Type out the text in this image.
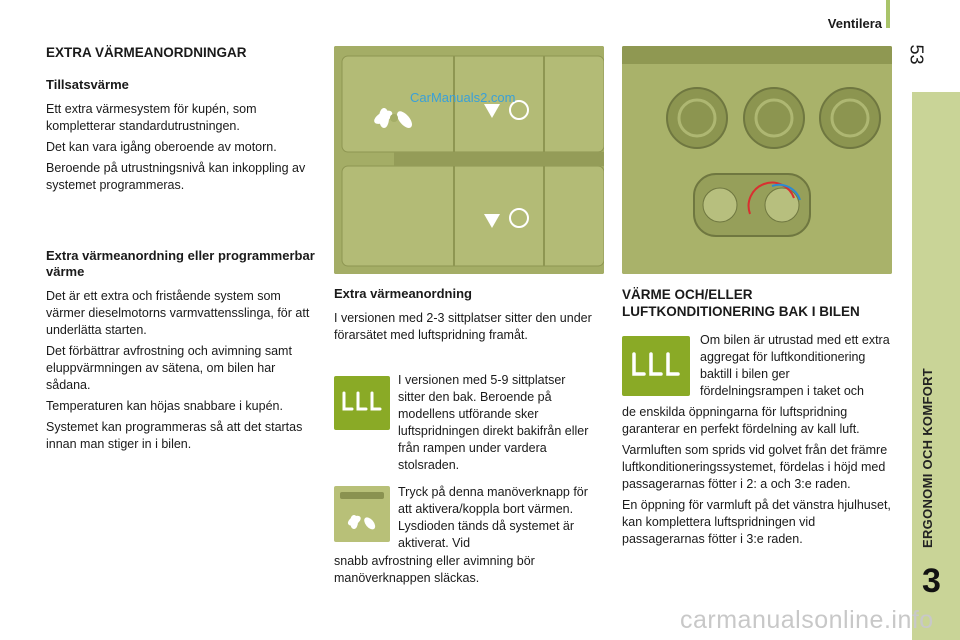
Ventilera
53
ERGONOMI OCH KOMFORT
3
EXTRA VÄRMEANORDNINGAR
Tillsatsvärme

Ett extra värmesystem för kupén, som kompletterar standardutrustningen.

Det kan vara igång oberoende av motorn.

Beroende på utrustningsnivå kan inkoppling av systemet programmeras.

Extra värmeanordning eller programmerbar värme

Det är ett extra och fristående system som värmer dieselmotorns varmvattensslinga, för att underlätta starten.

Det förbättrar avfrostning och avimning samt eluppvärmningen av sätena, om bilen har sådana.

Temperaturen kan höjas snabbare i kupén.

Systemet kan programmeras så att det startas innan man stiger in i bilen.

CarManuals2.com
Extra värmeanordning

I versionen med 2-3 sittplatser sitter den under förarsätet med luftspridning framåt.

I versionen med 5-9 sittplatser sitter den bak. Beroende på modellens utförande sker luftspridningen direkt bakifrån eller från rampen under vardera stolsraden.

Tryck på denna manöverknapp för att aktivera/koppla bort värmen. Lysdioden tänds då systemet är aktiverat. Vid

snabb avfrostning eller avimning bör manöverknappen släckas.

VÄRME OCH/ELLER LUFTKONDITIONERING BAK I BILEN

Om bilen är utrustad med ett extra aggregat för luftkonditionering baktill i bilen ger fördelningsrampen i taket och

de enskilda öppningarna för luftspridning garanterar en perfekt fördelning av kall luft.

Varmluften som sprids vid golvet från det främre luftkonditioneringssystemet, fördelas i höjd med passagerarnas fötter i 2: a och 3:e raden.

En öppning för varmluft på det vänstra hjulhuset, kan komplettera luftspridningen vid passagerarnas fötter i 3:e raden.

carmanualsonline.info
